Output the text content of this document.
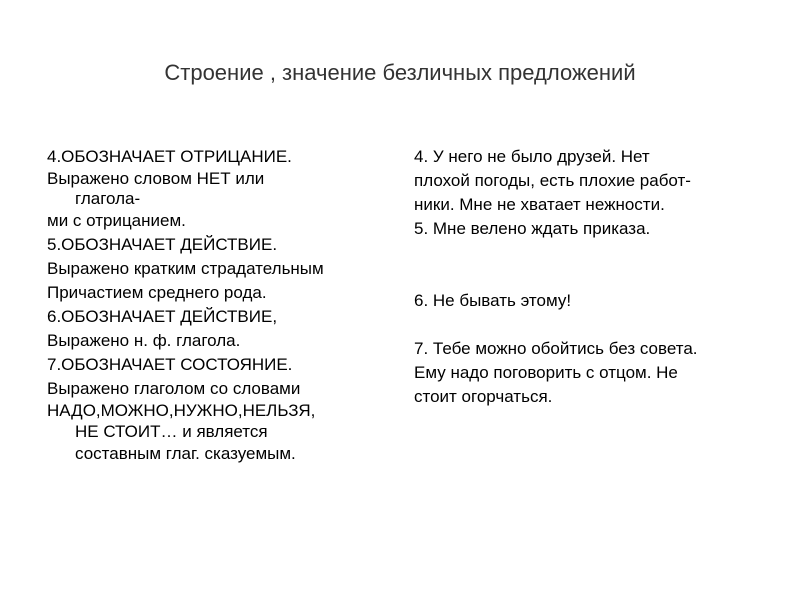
Строение , значение безличных предложений
4.ОБОЗНАЧАЕТ ОТРИЦАНИЕ.
Выражено словом НЕТ или
глагола-
ми с отрицанием.
5.ОБОЗНАЧАЕТ ДЕЙСТВИЕ.
Выражено кратким страдательным
Причастием среднего рода.
6.ОБОЗНАЧАЕТ ДЕЙСТВИЕ,
Выражено н. ф. глагола.
7.ОБОЗНАЧАЕТ СОСТОЯНИЕ.
Выражено глаголом со словами
НАДО,МОЖНО,НУЖНО,НЕЛЬЗЯ,
НЕ СТОИТ… и является
составным глаг. сказуемым.
4. У него не было друзей. Нет
плохой погоды, есть плохие работ-
ники. Мне не хватает нежности.
5. Мне велено ждать приказа.
6. Не бывать этому!
7. Тебе можно обойтись без совета.
Ему надо поговорить с отцом. Не
стоит огорчаться.
